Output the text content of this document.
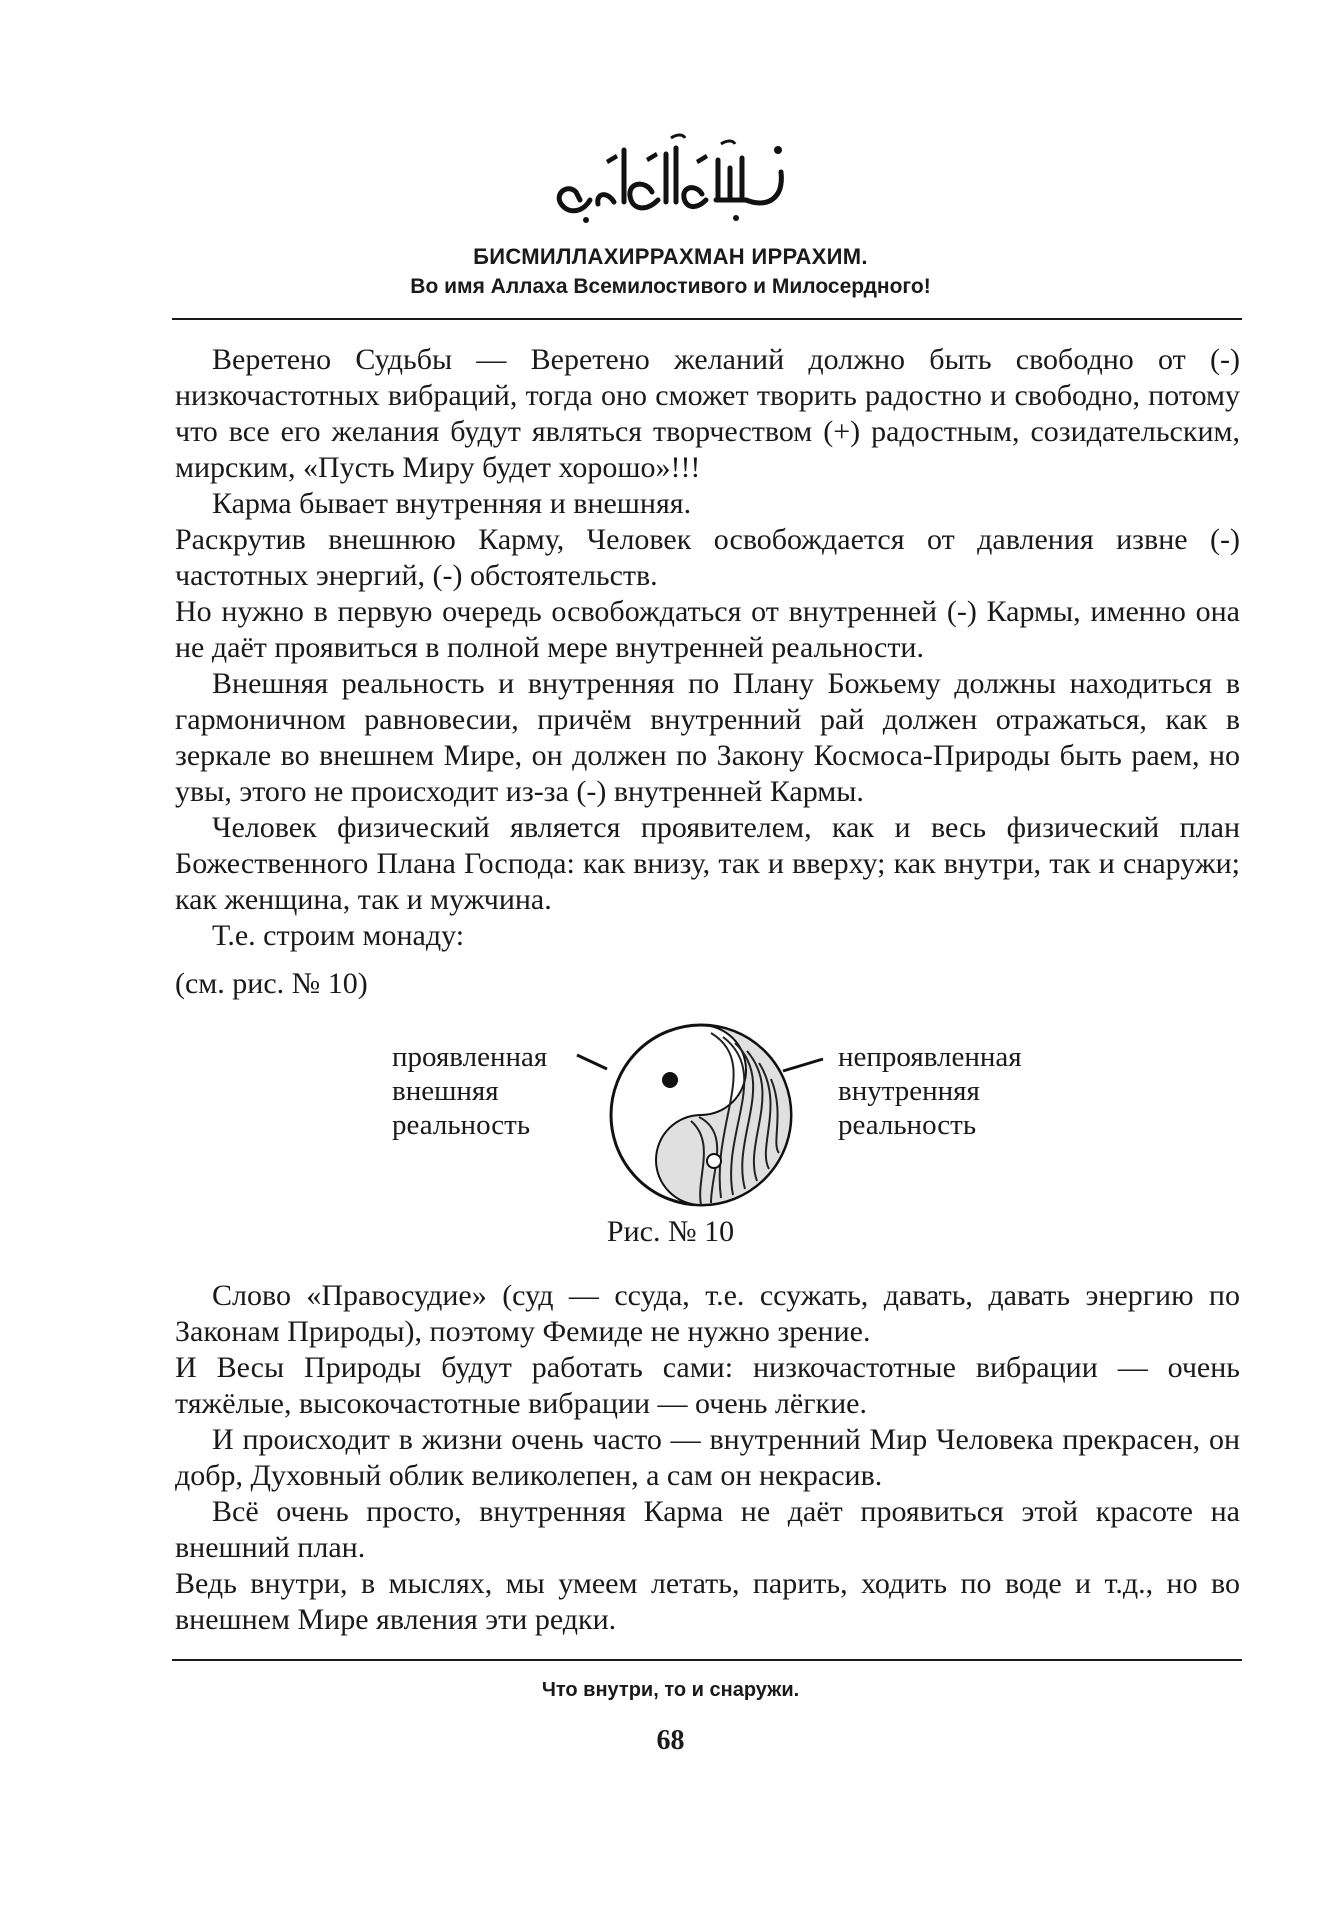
БИСМИЛЛАХИРРАХМАН ИРРАХИМ.
Во имя Аллаха Всемилостивого и Милосердного!

Веретено Судьбы — Веретено желаний должно быть свободно от (-) низкочастотных вибраций, тогда оно сможет творить радостно и свободно, потому что все его желания будут являться творчеством (+) радостным, созидательским, мирским, «Пусть Миру будет хорошо»!!!

Карма бывает внутренняя и внешняя.

Раскрутив внешнюю Карму, Человек освобождается от давления извне (-) частотных энергий, (-) обстоятельств.

Но нужно в первую очередь освобождаться от внутренней (-) Кармы, именно она не даёт проявиться в полной мере внутренней реальности.

Внешняя реальность и внутренняя по Плану Божьему должны находиться в гармоничном равновесии, причём внутренний рай должен отражаться, как в зеркале во внешнем Мире, он должен по Закону Космоса-Природы быть раем, но увы, этого не происходит из-за (-) внутренней Кармы.

Человек физический является проявителем, как и весь физический план Божественного Плана Господа: как внизу, так и вверху; как внутри, так и снаружи; как женщина, так и мужчина.

Т.е. строим монаду:

(см. рис. № 10)
проявленная
внешняя
реальность
непроявленная
внутренняя
реальность
Рис. № 10

Слово «Правосудие» (суд — ссуда, т.е. ссужать, давать, давать энергию по Законам Природы), поэтому Фемиде не нужно зрение.

И Весы Природы будут работать сами: низкочастотные вибрации — очень тяжёлые, высокочастотные вибрации — очень лёгкие.

И происходит в жизни очень часто — внутренний Мир Человека прекрасен, он добр, Духовный облик великолепен, а сам он некрасив.

Всё очень просто, внутренняя Карма не даёт проявиться этой красоте на внешний план.

Ведь внутри, в мыслях, мы умеем летать, парить, ходить по воде и т.д., но во внешнем Мире явления эти редки.

Что внутри, то и снаружи.
68
